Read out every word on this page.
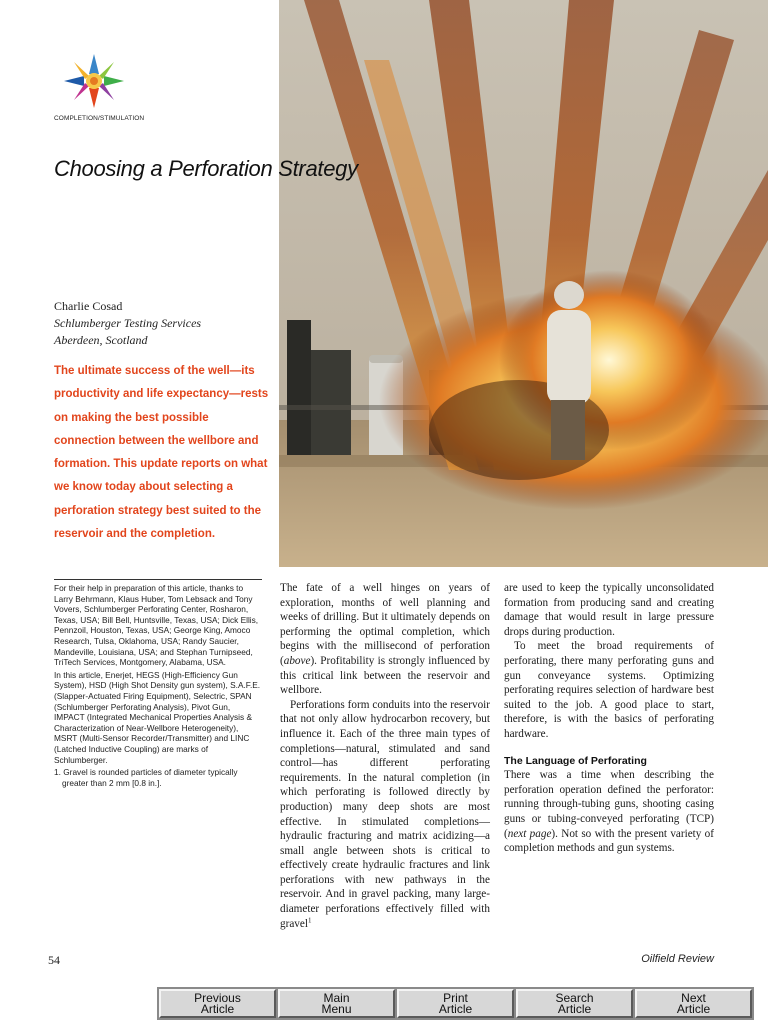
COMPLETION/STIMULATION
Choosing a Perforation Strategy
Charlie Cosad
Schlumberger Testing Services
Aberdeen, Scotland
The ultimate success of the well—its productivity and life expectancy—rests on making the best possible connection between the wellbore and formation. This update reports on what we know today about selecting a perforation strategy best suited to the reservoir and the completion.

For their help in preparation of this article, thanks to Larry Behrmann, Klaus Huber, Tom Lebsack and Tony Vovers, Schlumberger Perforating Center, Rosharon, Texas, USA; Bill Bell, Huntsville, Texas, USA; Dick Ellis, Pennzoil, Houston, Texas, USA; George King, Amoco Research, Tulsa, Oklahoma, USA; Randy Saucier, Mandeville, Louisiana, USA; and Stephan Turnipseed, TriTech Services, Montgomery, Alabama, USA.

In this article, Enerjet, HEGS (High-Efficiency Gun System), HSD (High Shot Density gun system), S.A.F.E. (Slapper-Actuated Firing Equipment), Selectric, SPAN (Schlumberger Perforating Analysis), Pivot Gun, IMPACT (Integrated Mechanical Properties Analysis & Characterization of Near-Wellbore Heterogeneity), MSRT (Multi-Sensor Recorder/Transmitter) and LINC (Latched Inductive Coupling) are marks of Schlumberger.

1. Gravel is rounded particles of diameter typically greater than 2 mm [0.8 in.].

The fate of a well hinges on years of exploration, months of well planning and weeks of drilling. But it ultimately depends on performing the optimal completion, which begins with the millisecond of perforation (above). Profitability is strongly influenced by this critical link between the reservoir and wellbore.

Perforations form conduits into the reservoir that not only allow hydrocarbon recovery, but influence it. Each of the three main types of completions—natural, stimulated and sand control—has different perforating requirements. In the natural completion (in which perforating is followed directly by production) many deep shots are most effective. In stimulated completions—hydraulic fracturing and matrix acidizing—a small angle between shots is critical to effectively create hydraulic fractures and link perforations with new pathways in the reservoir. And in gravel packing, many large-diameter perforations effectively filled with gravel$^1$

are used to keep the typically unconsolidated formation from producing sand and creating damage that would result in large pressure drops during production.

To meet the broad requirements of perforating, there many perforating guns and gun conveyance systems. Optimizing perforating requires selection of hardware best suited to the job. A good place to start, therefore, is with the basics of perforating hardware.

The Language of Perforating

There was a time when describing the perforation operation defined the perforator: running through-tubing guns, shooting casing guns or tubing-conveyed perforating (TCP) (next page). Not so with the present variety of completion methods and gun systems.

54	Oilfield Review
Previous
Article
Main
Menu
Print
Article
Search
Article
Next
Article
